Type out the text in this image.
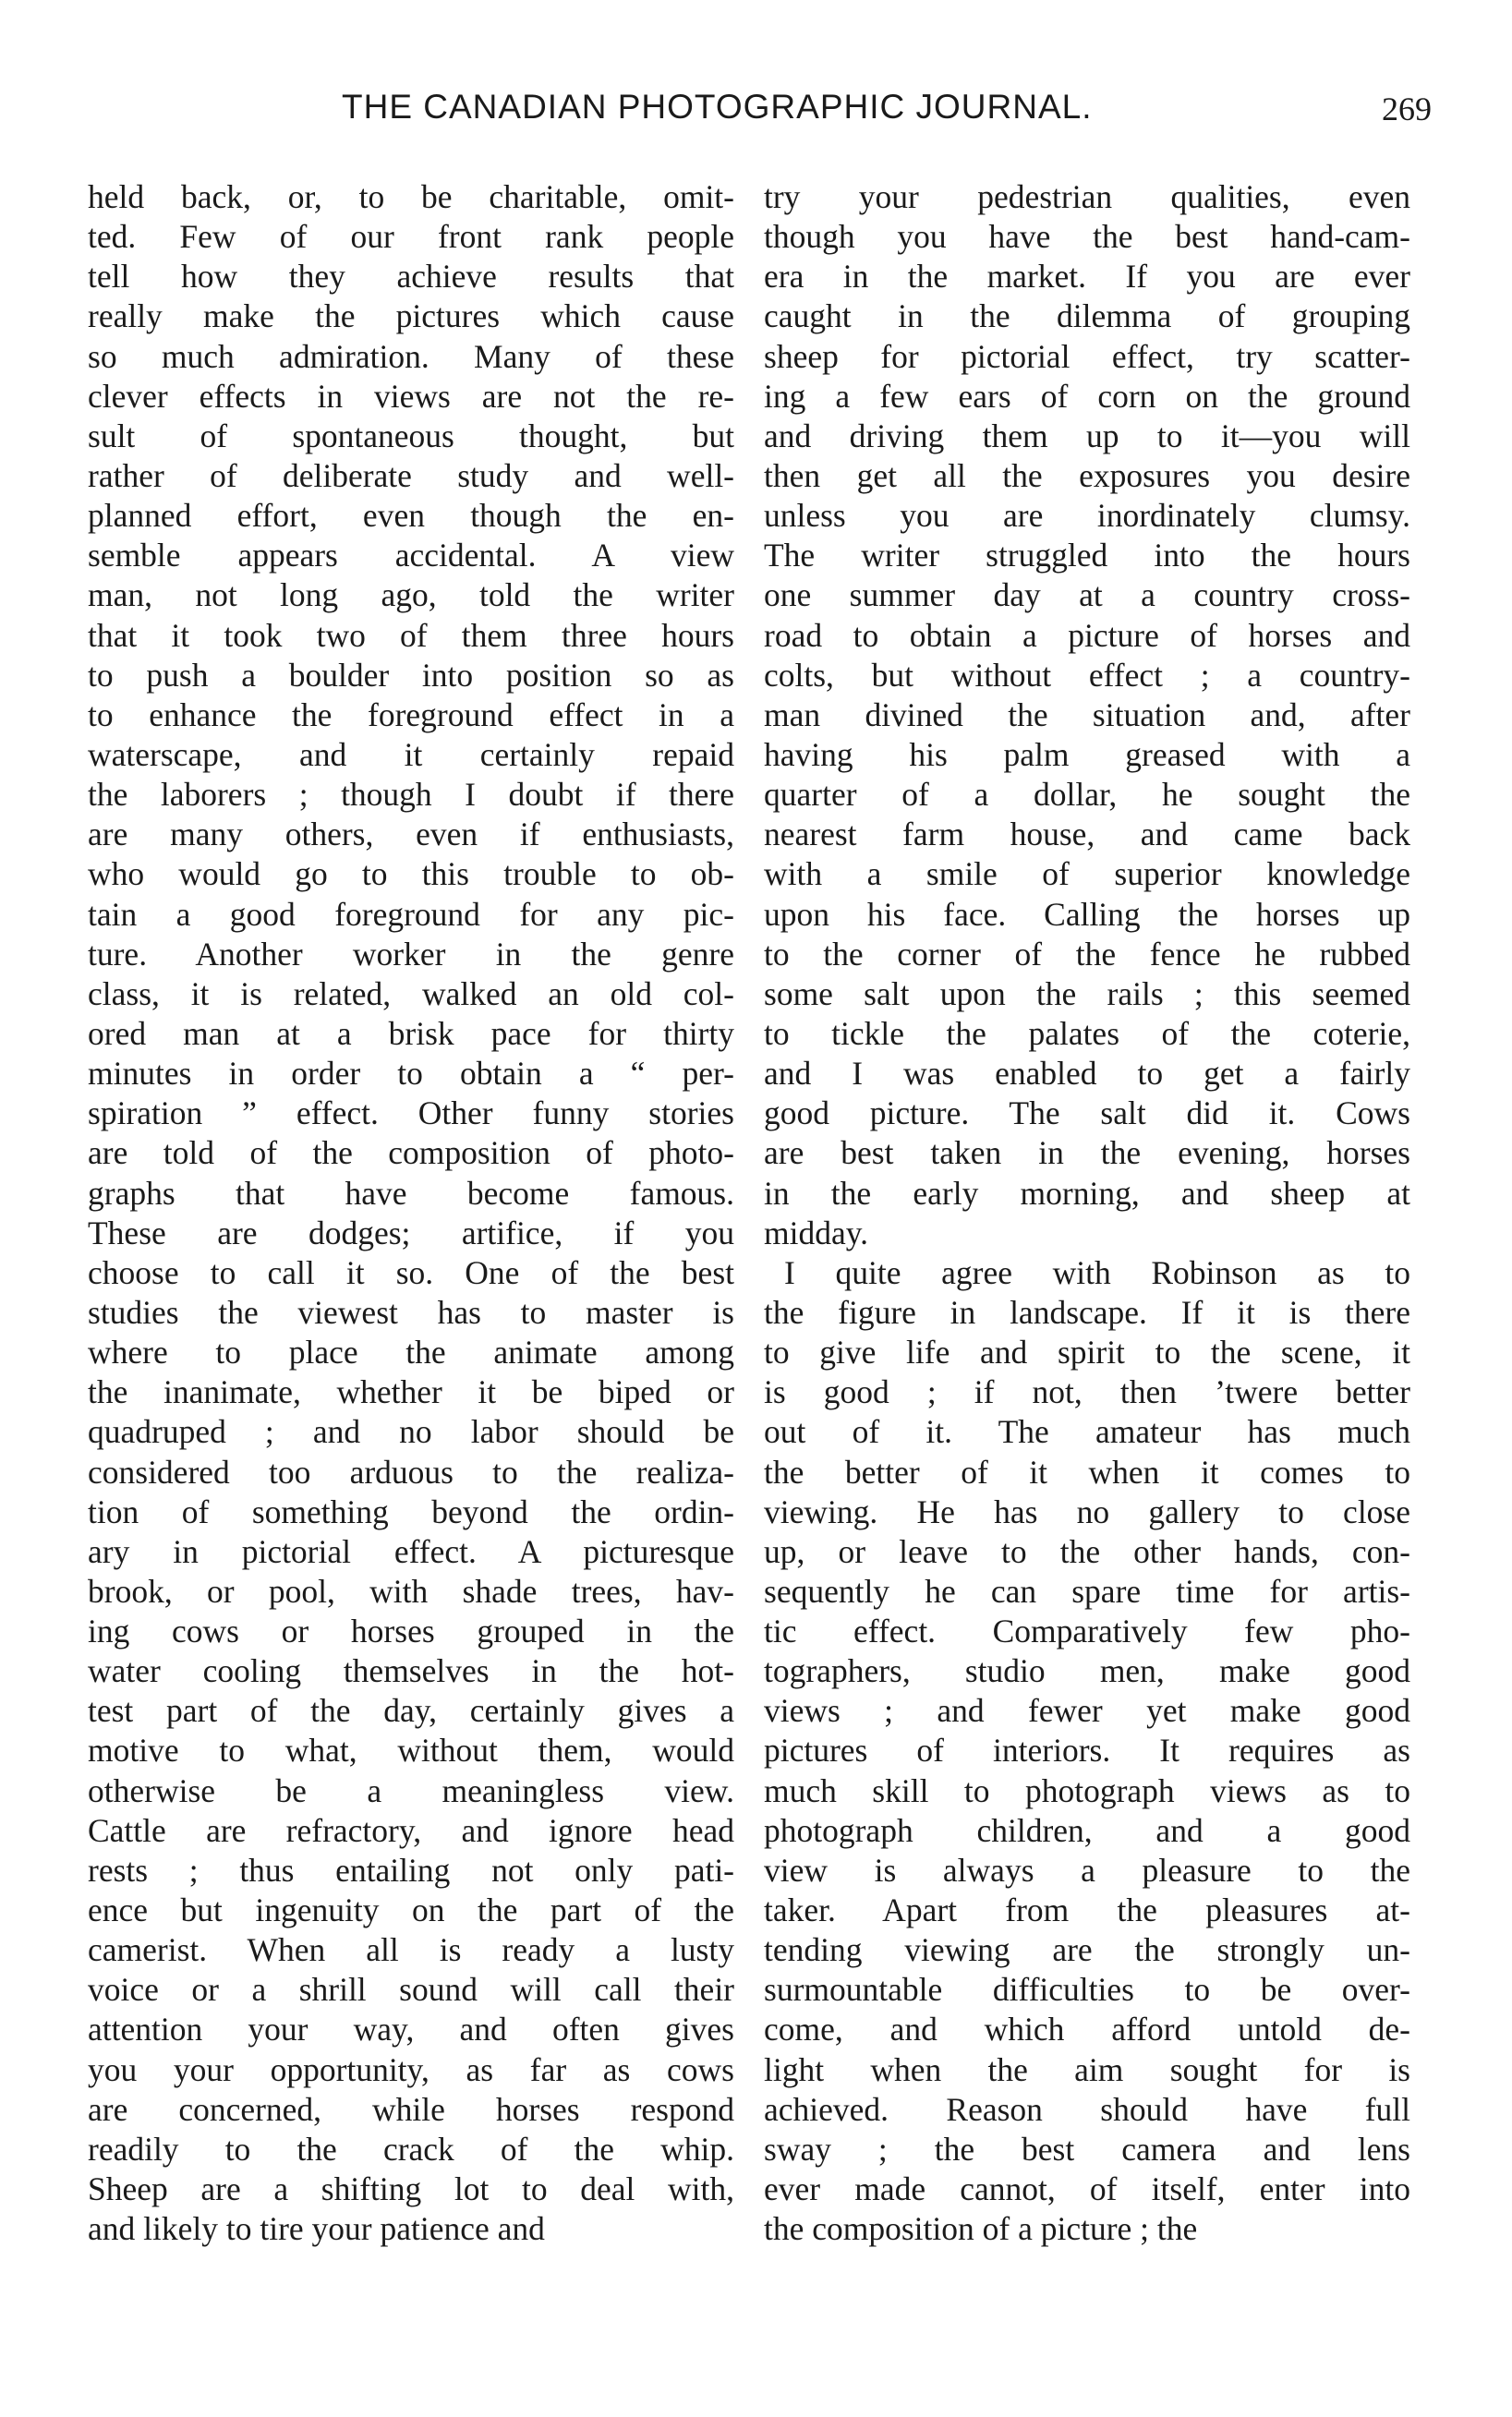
THE CANADIAN PHOTOGRAPHIC JOURNAL.	269
held back, or, to be charitable, omit-
ted. Few of our front rank people
tell how they achieve results that
really make the pictures which cause
so much admiration. Many of these
clever effects in views are not the re-
sult of spontaneous thought, but
rather of deliberate study and well-
planned effort, even though the en-
semble appears accidental. A view
man, not long ago, told the writer
that it took two of them three hours
to push a boulder into position so as
to enhance the foreground effect in a
waterscape, and it certainly repaid
the laborers ; though I doubt if there
are many others, even if enthusiasts,
who would go to this trouble to ob-
tain a good foreground for any pic-
ture. Another worker in the genre
class, it is related, walked an old col-
ored man at a brisk pace for thirty
minutes in order to obtain a “ per-
spiration ” effect. Other funny stories
are told of the composition of photo-
graphs that have become famous.
These are dodges; artifice, if you
choose to call it so. One of the best
studies the viewest has to master is
where to place the animate among
the inanimate, whether it be biped or
quadruped ; and no labor should be
considered too arduous to the realiza-
tion of something beyond the ordin-
ary in pictorial effect. A picturesque
brook, or pool, with shade trees, hav-
ing cows or horses grouped in the
water cooling themselves in the hot-
test part of the day, certainly gives a
motive to what, without them, would
otherwise be a meaningless view.
Cattle are refractory, and ignore head
rests ; thus entailing not only pati-
ence but ingenuity on the part of the
camerist. When all is ready a lusty
voice or a shrill sound will call their
attention your way, and often gives
you your opportunity, as far as cows
are concerned, while horses respond
readily to the crack of the whip.
Sheep are a shifting lot to deal with,
and likely to tire your patience and
try your pedestrian qualities, even
though you have the best hand-cam-
era in the market. If you are ever
caught in the dilemma of grouping
sheep for pictorial effect, try scatter-
ing a few ears of corn on the ground
and driving them up to it—you will
then get all the exposures you desire
unless you are inordinately clumsy.
The writer struggled into the hours
one summer day at a country cross-
road to obtain a picture of horses and
colts, but without effect ; a country-
man divined the situation and, after
having his palm greased with a
quarter of a dollar, he sought the
nearest farm house, and came back
with a smile of superior knowledge
upon his face. Calling the horses up
to the corner of the fence he rubbed
some salt upon the rails ; this seemed
to tickle the palates of the coterie,
and I was enabled to get a fairly
good picture. The salt did it. Cows
are best taken in the evening, horses
in the early morning, and sheep at
midday.
I quite agree with Robinson as to
the figure in landscape. If it is there
to give life and spirit to the scene, it
is good ; if not, then ’twere better
out of it. The amateur has much
the better of it when it comes to
viewing. He has no gallery to close
up, or leave to the other hands, con-
sequently he can spare time for artis-
tic effect. Comparatively few pho-
tographers, studio men, make good
views ; and fewer yet make good
pictures of interiors. It requires as
much skill to photograph views as to
photograph children, and a good
view is always a pleasure to the
taker. Apart from the pleasures at-
tending viewing are the strongly un-
surmountable difficulties to be over-
come, and which afford untold de-
light when the aim sought for is
achieved. Reason should have full
sway ; the best camera and lens
ever made cannot, of itself, enter into
the composition of a picture ; the
